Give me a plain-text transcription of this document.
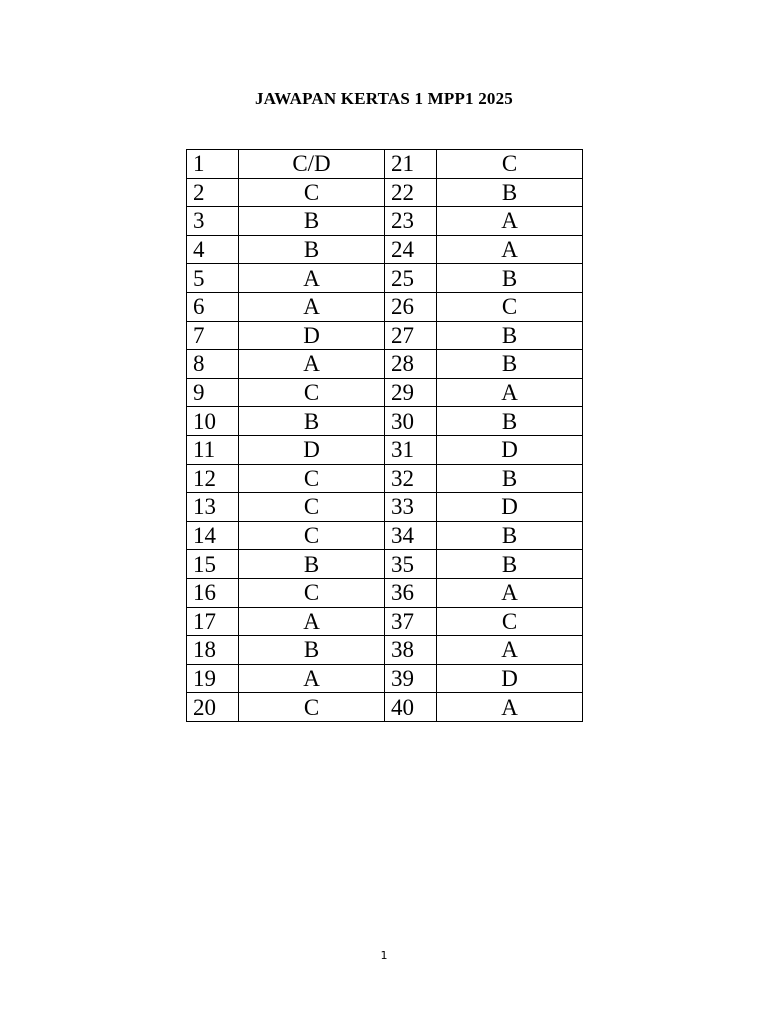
JAWAPAN KERTAS 1 MPP1 2025
1	C/D	21	C
2	C	22	B
3	B	23	A
4	B	24	A
5	A	25	B
6	A	26	C
7	D	27	B
8	A	28	B
9	C	29	A
10	B	30	B
11	D	31	D
12	C	32	B
13	C	33	D
14	C	34	B
15	B	35	B
16	C	36	A
17	A	37	C
18	B	38	A
19	A	39	D
20	C	40	A
1
